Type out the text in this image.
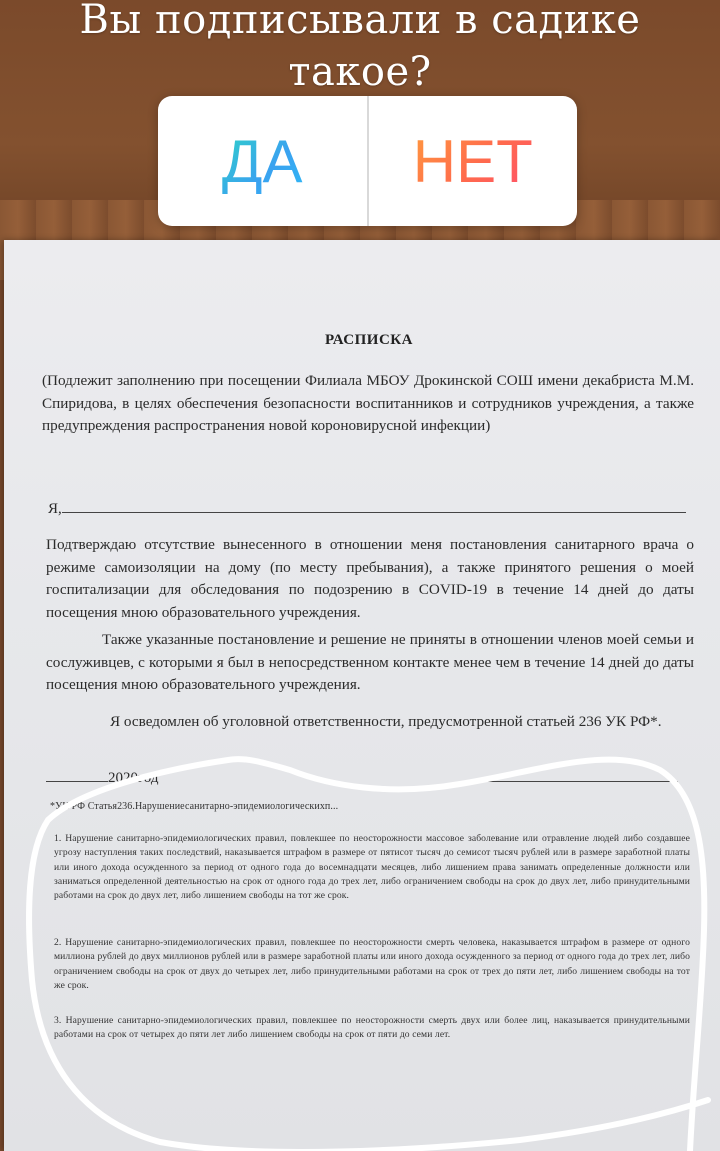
Вы подписывали в садике такое?
ДА НЕТ
РАСПИСКА
(Подлежит заполнению при посещении Филиала МБОУ Дрокинской СОШ имени декабриста М.М. Спиридова, в целях обеспечения безопасности воспитанников и сотрудников учреждения, а также предупреждения распространения новой короновирусной инфекции)
Я,
Подтверждаю отсутствие вынесенного в отношении меня постановления санитарного врача о режиме самоизоляции на дому (по месту пребывания), а также принятого решения о моей госпитализации для обследования по подозрению в COVID-19 в течение 14 дней до даты посещения мною образовательного учреждения.
Также указанные постановление и решение не приняты в отношении членов моей семьи и сослуживцев, с которыми я был в непосредственном контакте менее чем в течение 14 дней до даты посещения мною образовательного учреждения.
Я осведомлен об уголовной ответственности, предусмотренной статьей 236 УК РФ*.
2020год
*УК РФ Статья236.Нарушениесанитарно-эпидемиологическихп...
1. Нарушение санитарно-эпидемиологических правил, повлекшее по неосторожности массовое заболевание или отравление людей либо создавшее угрозу наступления таких последствий, наказывается штрафом в размере от пятисот тысяч до семисот тысяч рублей или в размере заработной платы или иного дохода осужденного за период от одного года до восемнадцати месяцев, либо лишением права занимать определенные должности или заниматься определенной деятельностью на срок от одного года до трех лет, либо ограничением свободы на срок до двух лет, либо принудительными работами на срок до двух лет, либо лишением свободы на тот же срок.
2. Нарушение санитарно-эпидемиологических правил, повлекшее по неосторожности смерть человека, наказывается штрафом в размере от одного миллиона рублей до двух миллионов рублей или в размере заработной платы или иного дохода осужденного за период от одного года до трех лет, либо ограничением свободы на срок от двух до четырех лет, либо принудительными работами на срок от трех до пяти лет, либо лишением свободы на тот же срок.
3. Нарушение санитарно-эпидемиологических правил, повлекшее по неосторожности смерть двух или более лиц, наказывается принудительными работами на срок от четырех до пяти лет либо лишением свободы на срок от пяти до семи лет.
